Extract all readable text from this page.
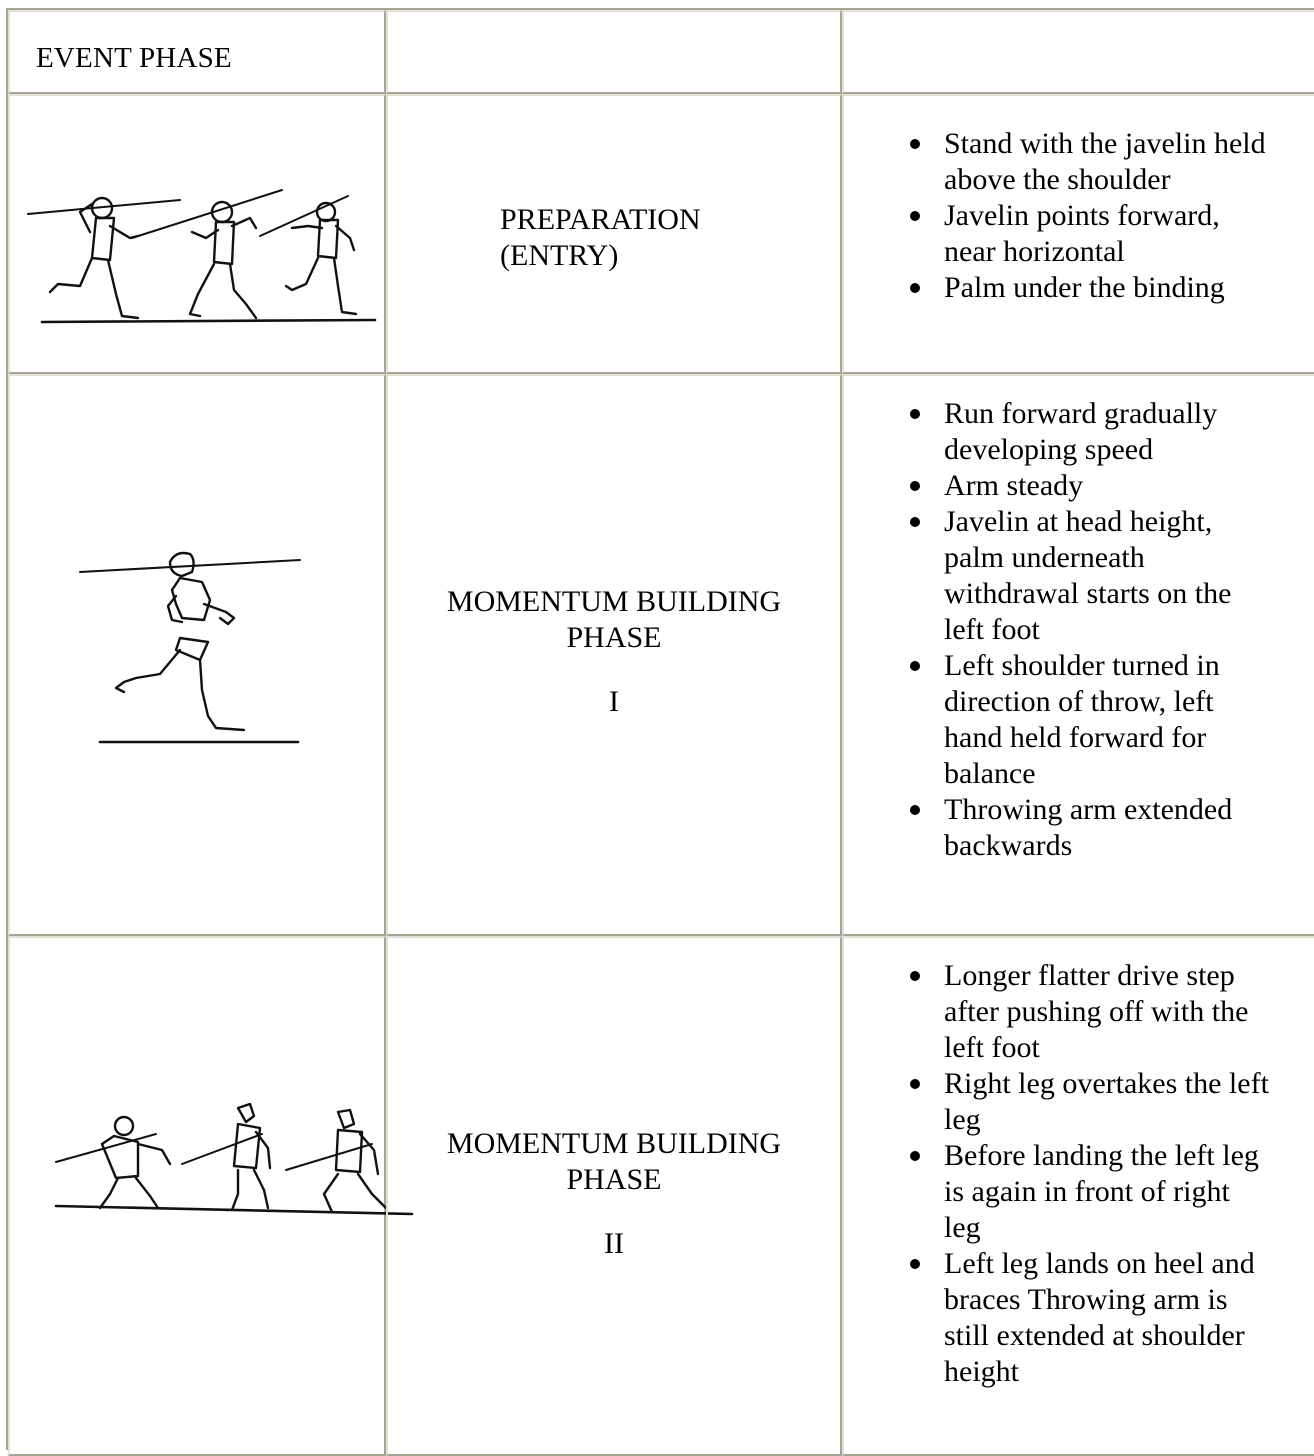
EVENT PHASE
PREPARATION
(ENTRY)
Stand with the javelin held
above the shoulder
Javelin points forward,
near horizontal
Palm under the binding
MOMENTUM BUILDING
PHASE
I
Run forward gradually
developing speed
Arm steady
Javelin at head height,
palm underneath
withdrawal starts on the
left foot
Left shoulder turned in
direction of throw, left
hand held forward for
balance
Throwing arm extended
backwards
MOMENTUM BUILDING
PHASE
II
Longer flatter drive step
after pushing off with the
left foot
Right leg overtakes the left
leg
Before landing the left leg
is again in front of right
leg
Left leg lands on heel and
braces Throwing arm is
still extended at shoulder
height
